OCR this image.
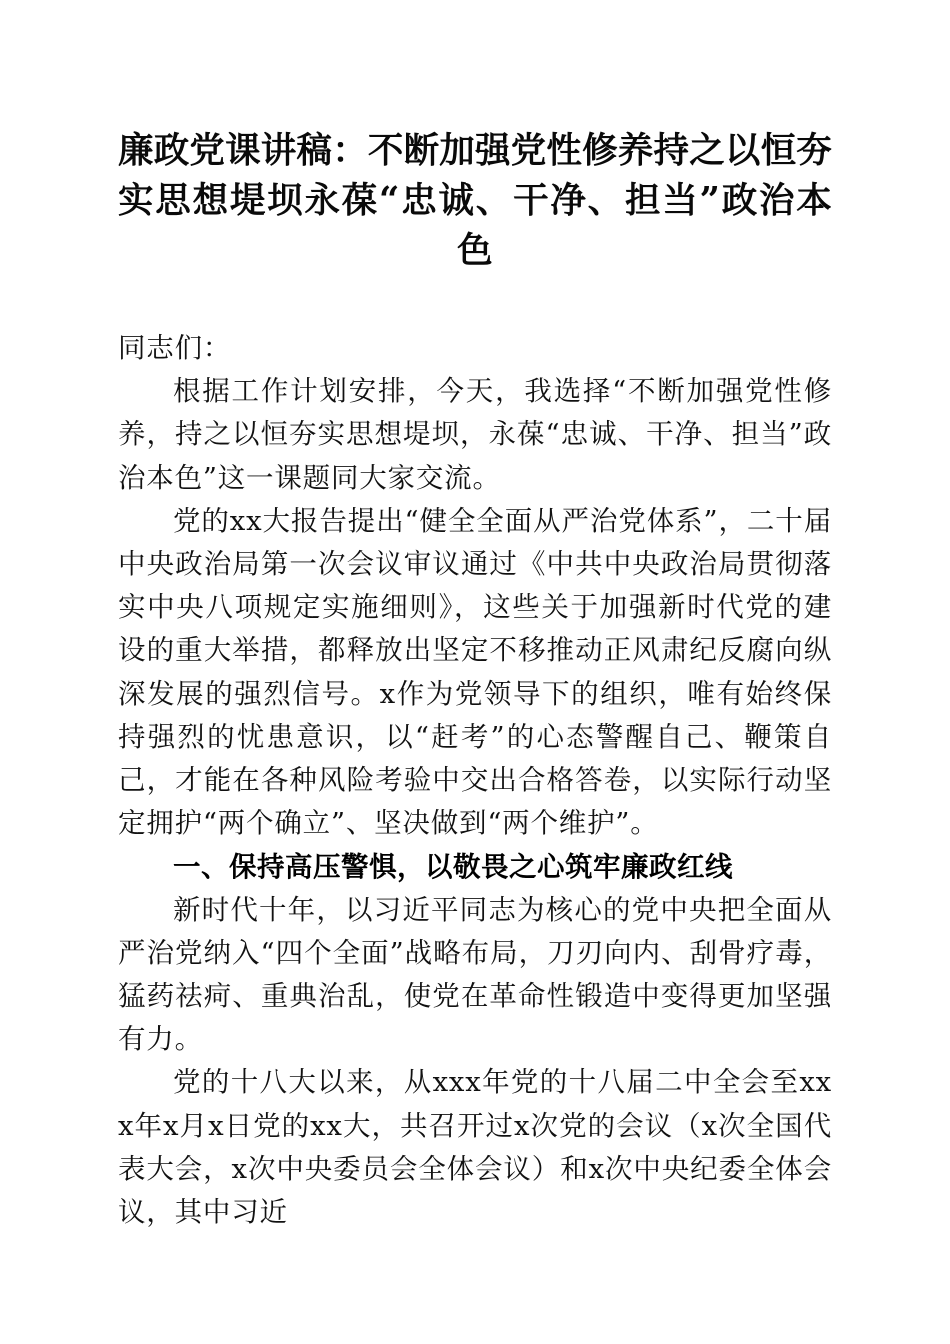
廉政党课讲稿：不断加强党性修养持之以恒夯实思想堤坝永葆“忠诚、干净、担当”政治本色

同志们：

根据工作计划安排，今天，我选择“不断加强党性修养，持之以恒夯实思想堤坝，永葆“忠诚、干净、担当”政治本色”这一课题同大家交流。

党的xx大报告提出“健全全面从严治党体系”，二十届中央政治局第一次会议审议通过《中共中央政治局贯彻落实中央八项规定实施细则》，这些关于加强新时代党的建设的重大举措，都释放出坚定不移推动正风肃纪反腐向纵深发展的强烈信号。x作为党领导下的组织，唯有始终保持强烈的忧患意识，以“赶考”的心态警醒自己、鞭策自己，才能在各种风险考验中交出合格答卷，以实际行动坚定拥护“两个确立”、坚决做到“两个维护”。

一、保持高压警惧，以敬畏之心筑牢廉政红线

新时代十年，以习近平同志为核心的党中央把全面从严治党纳入“四个全面”战略布局，刀刃向内、刮骨疗毒，猛药祛疴、重典治乱，使党在革命性锻造中变得更加坚强有力。

党的十八大以来，从xxx年党的十八届二中全会至xxx年x月x日党的xx大，共召开过x次党的会议（x次全国代表大会，x次中央委员会全体会议）和x次中央纪委全体会议，其中习近
